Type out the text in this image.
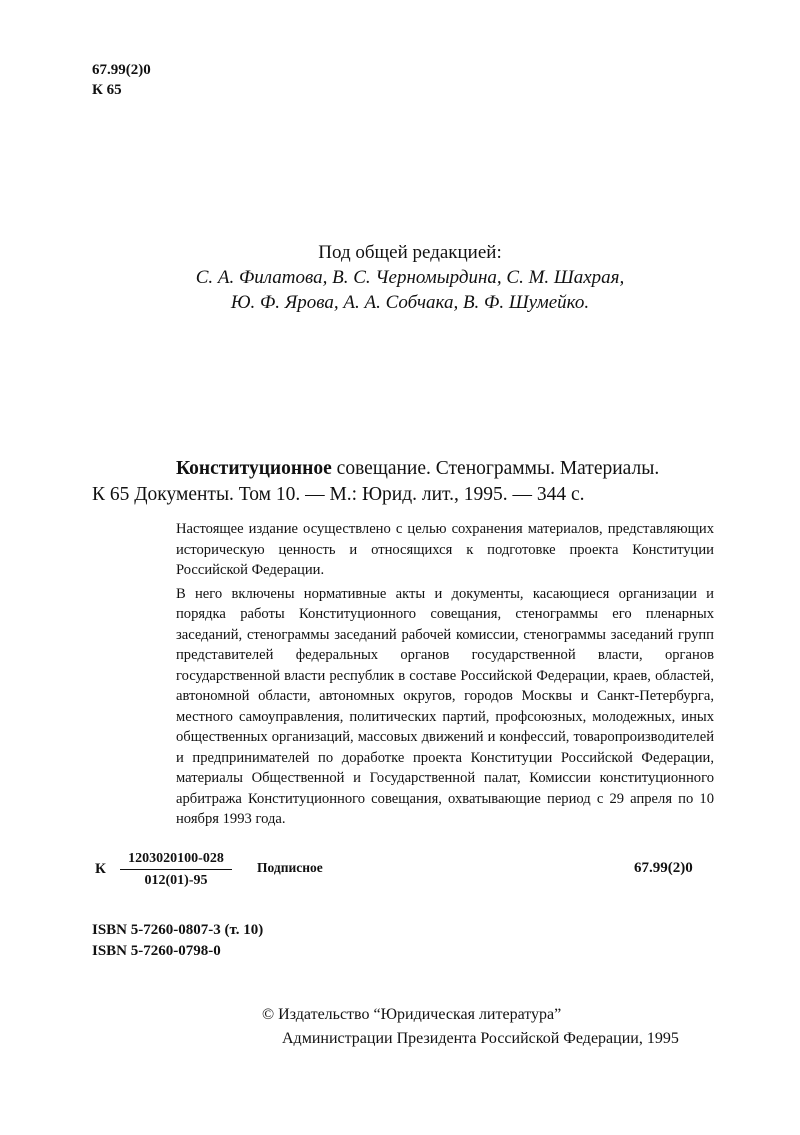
67.99(2)0
К 65
Под общей редакцией:
С. А. Филатова, В. С. Черномырдина, С. М. Шахрая,
Ю. Ф. Ярова, А. А. Собчака, В. Ф. Шумейко.
Конституционное совещание. Стенограммы. Материалы.
К 65 Документы. Том 10. — М.: Юрид. лит., 1995. — 344 с.

Настоящее издание осуществлено с целью сохранения материалов, представляющих историческую ценность и относящихся к подготовке проекта Конституции Российской Федерации.

В него включены нормативные акты и документы, касающиеся организации и порядка работы Конституционного совещания, стенограммы его пленарных заседаний, стенограммы заседаний рабочей комиссии, стенограммы заседаний групп представителей федеральных органов государственной власти, органов государственной власти республик в составе Российской Федерации, краев, областей, автономной области, автономных округов, городов Москвы и Санкт-Петербурга, местного самоуправления, политических партий, профсоюзных, молодежных, иных общественных организаций, массовых движений и конфессий, товаропроизводителей и предпринимателей по доработке проекта Конституции Российской Федерации, материалы Общественной и Государственной палат, Комиссии конституционного арбитража Конституционного совещания, охватывающие период с 29 апреля по 10 ноября 1993 года.

К $\frac{1203020100-028}{012(01)-95}$ Подписное	67.99(2)0
ISBN 5-7260-0807-3 (т. 10)
ISBN 5-7260-0798-0
© Издательство “Юридическая литература”
Администрации Президента Российской Федерации, 1995
